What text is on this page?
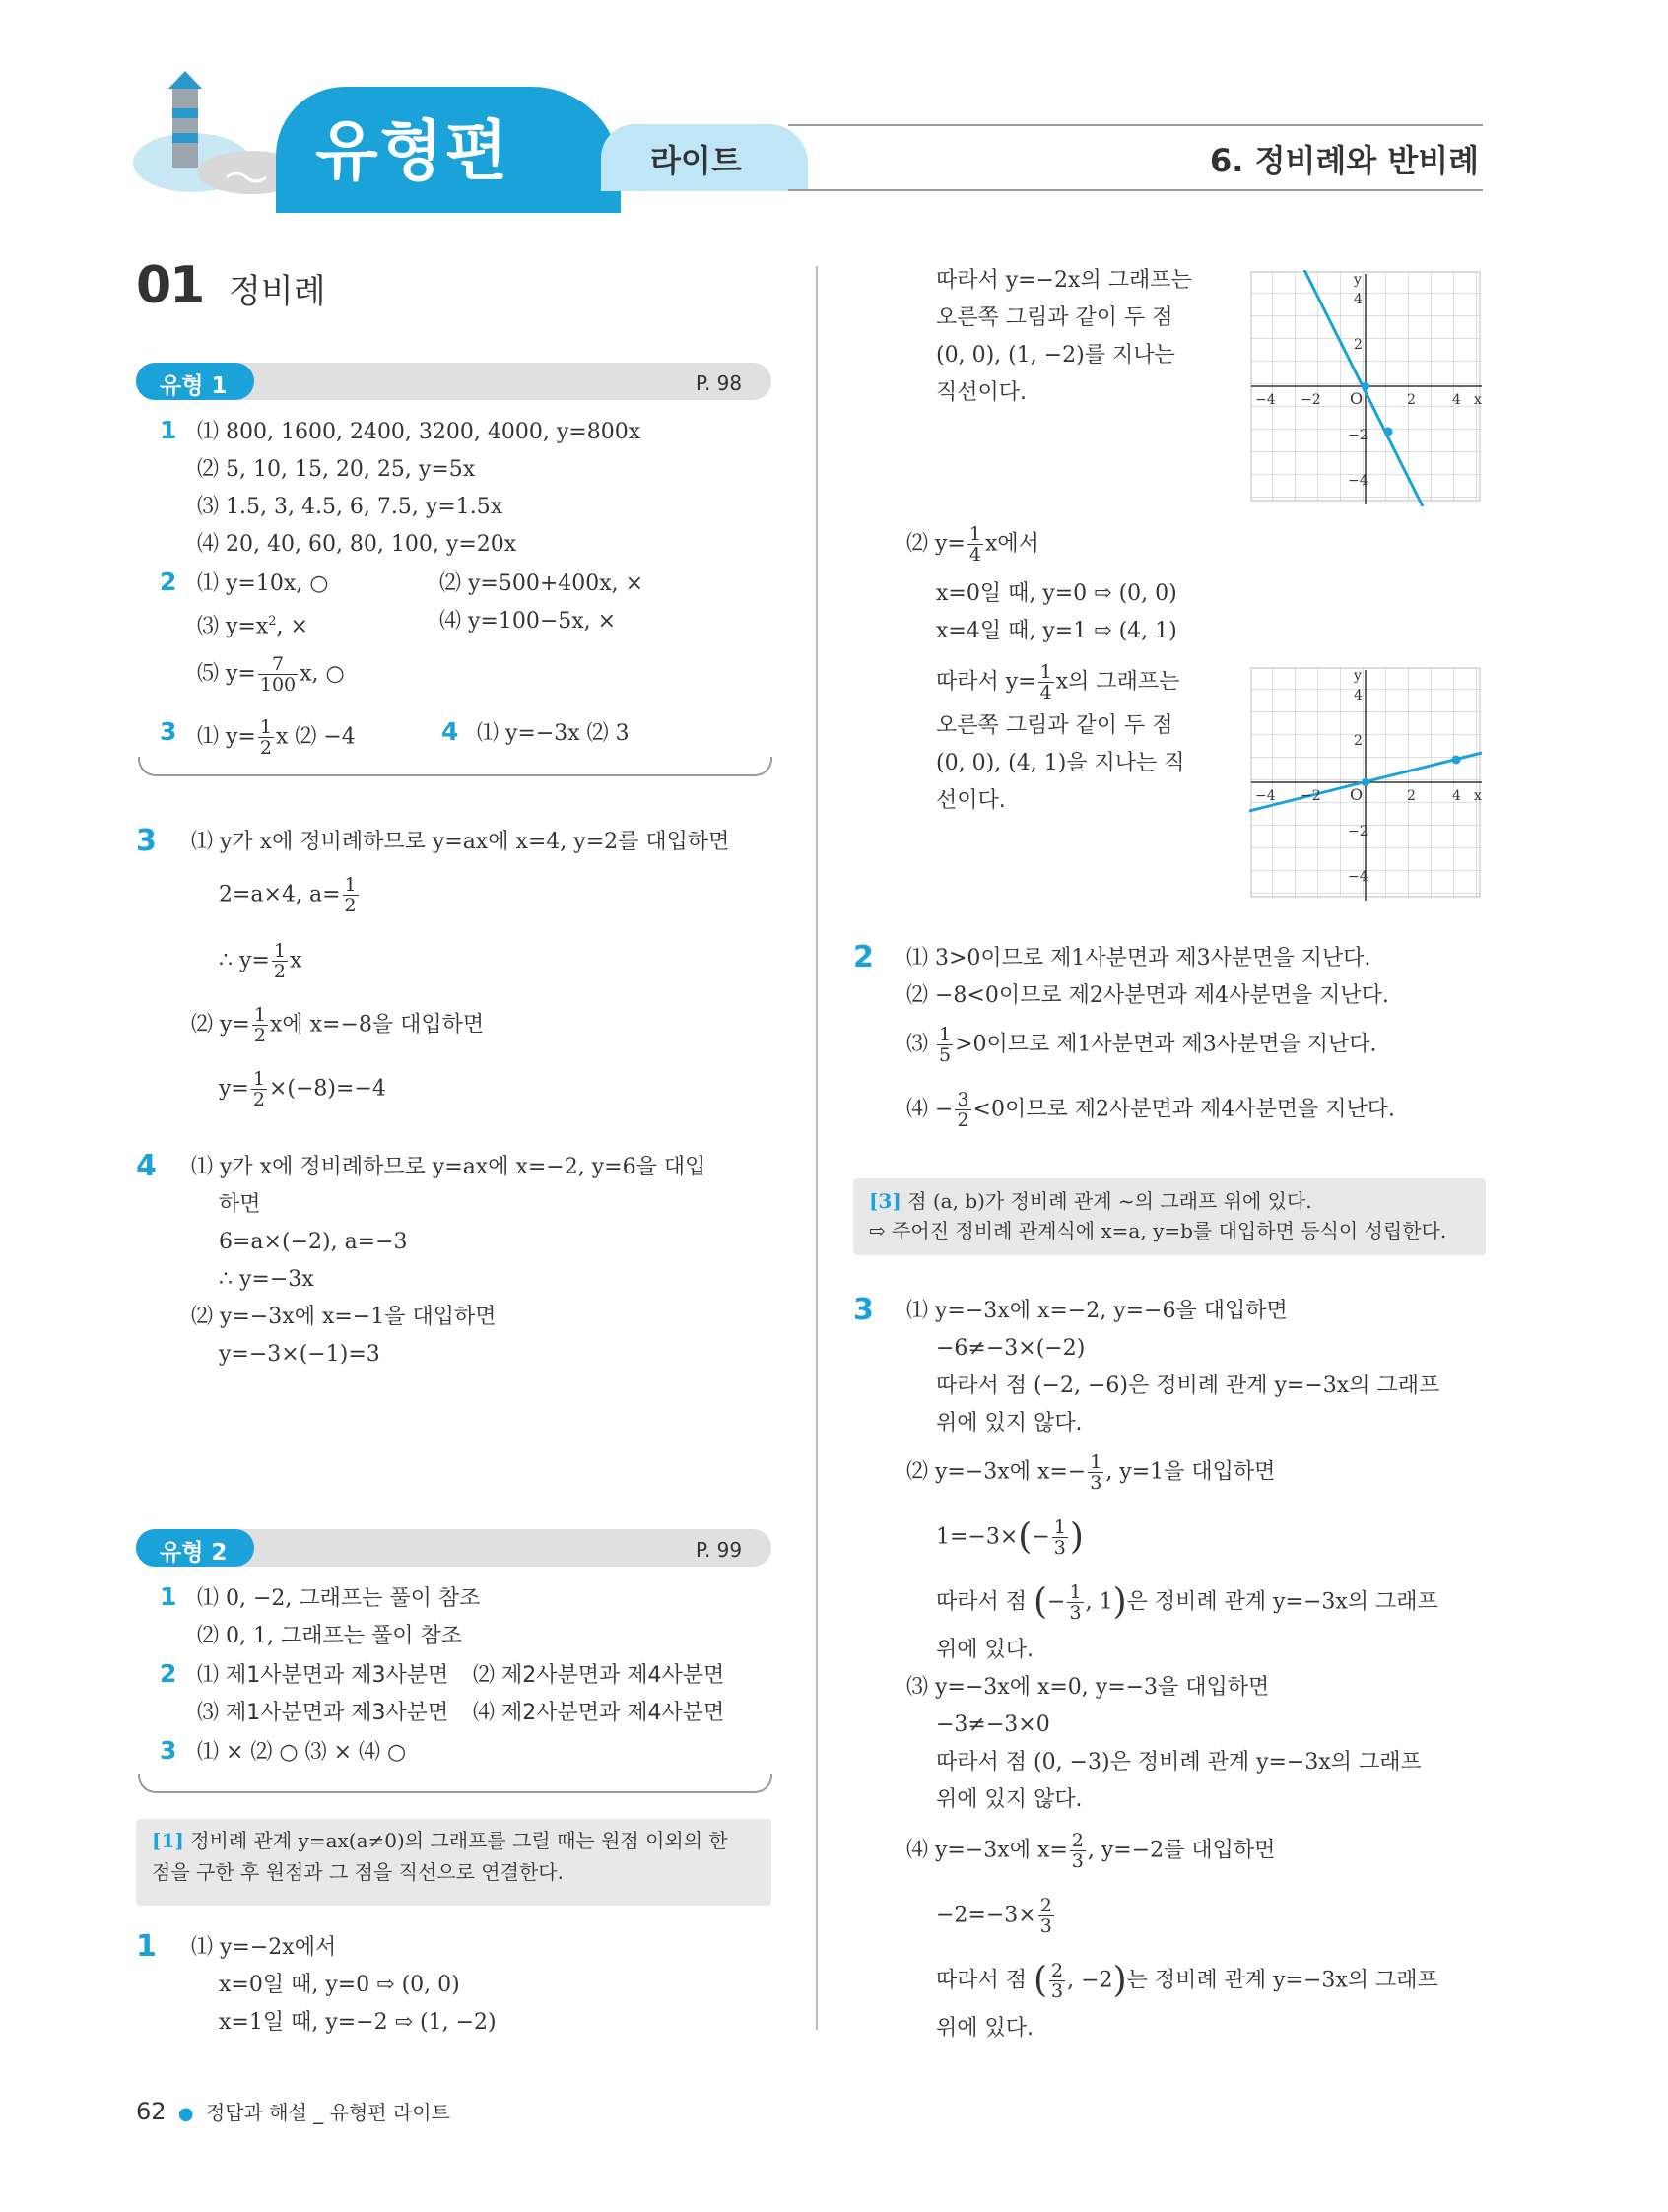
유형편	라이트	6. 정비례와 반비례
01 정비례
유형 1	P. 98
1 ⑴ 800, 1600, 2400, 3200, 4000, y=800x
⑵ 5, 10, 15, 20, 25, y=5x
⑶ 1.5, 3, 4.5, 6, 7.5, y=1.5x
⑷ 20, 40, 60, 80, 100, y=20x
2 ⑴ y=10x, ○	⑵ y=500+400x, ×
⑶ $y=x^2$, ×	⑷ y=100−5x, ×
⑸ $y= \frac{7}{100} x$, ○
3 ⑴ $y= \frac{1}{2}$ x ⑵ −4	4 ⑴ y=−3x ⑵ 3
3 ⑴ y가 x에 정비례하므로 y=ax에 x=4, y=2를 대입하면
2=a×4, $a= \frac{1}{2}$
∴ $y= \frac{1}{2}$ x
⑵ $y= \frac{1}{2}$ x에 x=−8을 대입하면
$y= \frac{1}{2} \times(-8)=-4$
4 ⑴ y가 x에 정비례하므로 y=ax에 x=−2, y=6을 대입
하면
6=a×(−2), a=−3
∴ y=−3x
⑵ y=−3x에 x=−1을 대입하면
y=−3×(−1)=3
유형 2	P. 99
1 ⑴ 0, −2, 그래프는 풀이 참조
⑵ 0, 1, 그래프는 풀이 참조
2 ⑴ 제1사분면과 제3사분면 ⑵ 제2사분면과 제4사분면
⑶ 제1사분면과 제3사분면 ⑷ 제2사분면과 제4사분면
3 ⑴ × ⑵ ○ ⑶ × ⑷ ○
[1] 정비례 관계 y=ax(a≠0)의 그래프를 그릴 때는 원점 이외의 한
점을 구한 후 원점과 그 점을 직선으로 연결한다.
1 ⑴ y=−2x에서
x=0일 때, y=0 ⇨ (0, 0)
x=1일 때, y=−2 ⇨ (1, −2)
따라서 y=−2x의 그래프는
오른쪽 그림과 같이 두 점
(0, 0), (1, −2)를 지나는
직선이다.
y
x
O
4
2
−2
−4
−4 −2	2	4
⑵ $y= \frac{1}{4}$ x에서
x=0일 때, y=0 ⇨ (0, 0)
x=4일 때, y=1 ⇨ (4, 1)
따라서 $y= \frac{1}{4}$ x의 그래프는
오른쪽 그림과 같이 두 점
(0, 0), (4, 1)을 지나는 직
선이다.
y
x
O
4
2
−2
−4
−4 −2	2	4
2 ⑴ 3>0이므로 제1사분면과 제3사분면을 지난다.
⑵ −8<0이므로 제2사분면과 제4사분면을 지난다.
⑶ $\frac{1}{5} >0$이므로 제1사분면과 제3사분면을 지난다.
⑷ − $\frac{3}{2} <0$이므로 제2사분면과 제4사분면을 지난다.
[3] 점 (a, b)가 정비례 관계 ~의 그래프 위에 있다.
⇨ 주어진 정비례 관계식에 x=a, y=b를 대입하면 등식이 성립한다.
3 ⑴ y=−3x에 x=−2, y=−6을 대입하면
−6≠−3×(−2)
따라서 점 (−2, −6)은 정비례 관계 y=−3x의 그래프
위에 있지 않다.
⑵ y=−3x에 $x=- \frac{1}{3}$ , y=1을 대입하면
$1=-3\times(- \frac{1}{3}$ )
따라서 점 (− $\frac{1}{3}$ , 1)은 정비례 관계 y=−3x의 그래프
위에 있다.
⑶ y=−3x에 x=0, y=−3을 대입하면
−3≠−3×0
따라서 점 (0, −3)은 정비례 관계 y=−3x의 그래프
위에 있지 않다.
⑷ y=−3x에 $x= \frac{2}{3}$ , y=−2를 대입하면
$-2=-3\times \frac{2}{3}$
따라서 점 ( $\frac{2}{3}$ , −2)는 정비례 관계 y=−3x의 그래프
위에 있다.
62 ● 정답과 해설 _ 유형편 라이트
